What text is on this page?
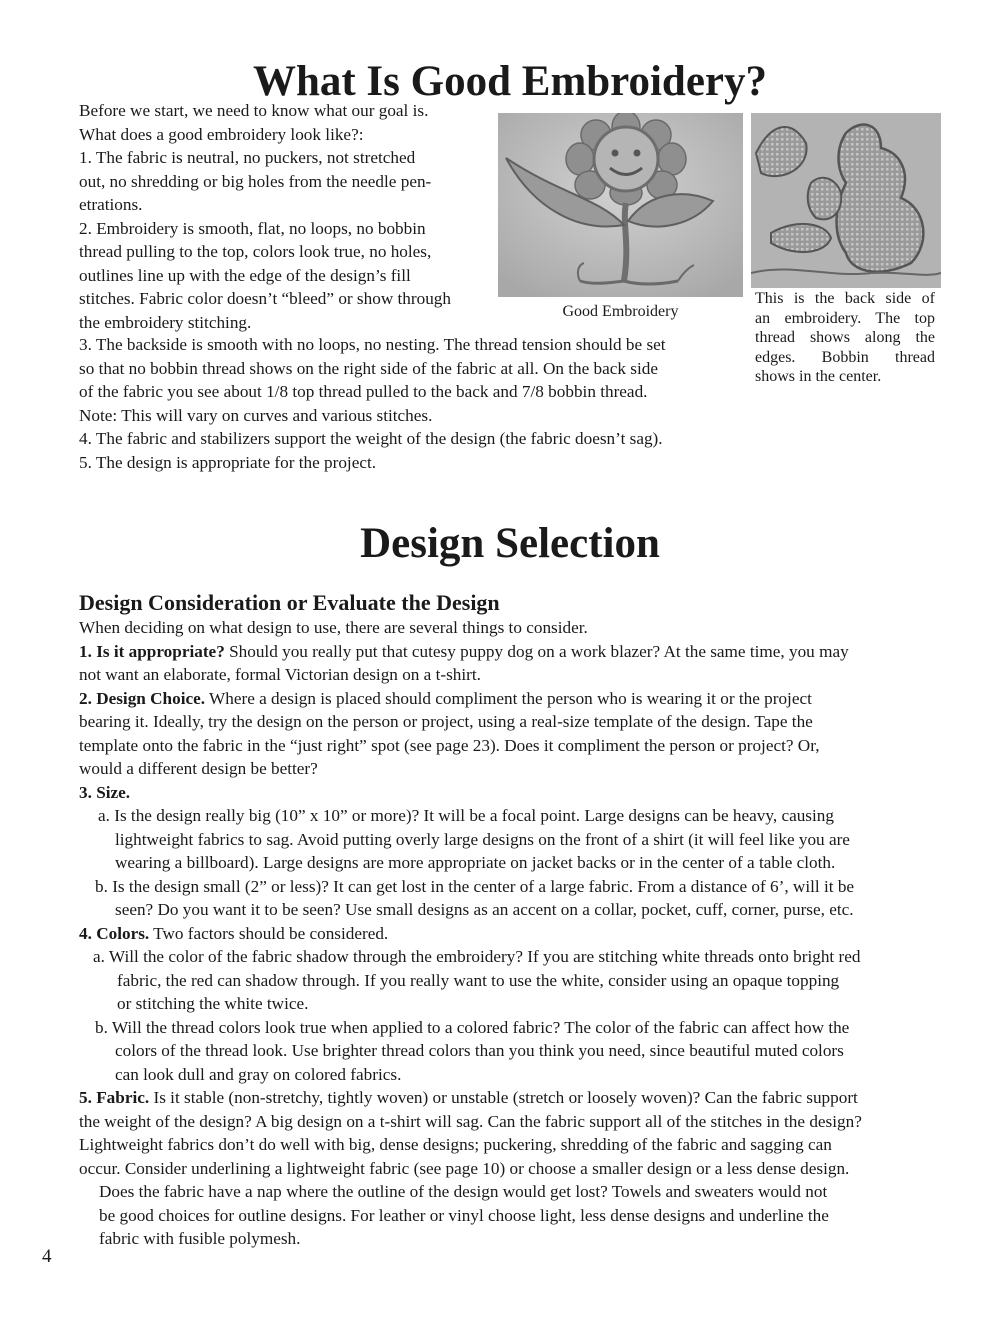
What Is Good Embroidery?
Before we start, we need to know what our goal is.
What does a good embroidery look like?:
1. The fabric is neutral, no puckers, not stretched
out, no shredding or big holes from the needle pen-
etrations.
2. Embroidery is smooth, flat, no loops, no bobbin
thread pulling to the top, colors look true, no holes,
outlines line up with the edge of the design’s fill
stitches. Fabric color doesn’t “bleed” or show through
the embroidery stitching.
Good Embroidery
This is the back side of
an embroidery. The top
thread shows along the
edges. Bobbin thread
shows in the center.
3. The backside is smooth with no loops, no nesting. The thread tension should be set
so that no bobbin thread shows on the right side of the fabric at all. On the back side
of the fabric you see about 1/8 top thread pulled to the back and 7/8 bobbin thread.
Note: This will vary on curves and various stitches.
4. The fabric and stabilizers support the weight of the design (the fabric doesn’t sag).
5. The design is appropriate for the project.
Design Selection
Design Consideration or Evaluate the Design
When deciding on what design to use, there are several things to consider.
1. Is it appropriate? Should you really put that cutesy puppy dog on a work blazer? At the same time, you may
not want an elaborate, formal Victorian design on a t-shirt.
2. Design Choice. Where a design is placed should compliment the person who is wearing it or the project
bearing it. Ideally, try the design on the person or project, using a real-size template of the design. Tape the
template onto the fabric in the “just right” spot (see page 23). Does it compliment the person or project? Or,
would a different design be better?
3. Size.
a. Is the design really big (10” x 10” or more)? It will be a focal point. Large designs can be heavy, causing
lightweight fabrics to sag. Avoid putting overly large designs on the front of a shirt (it will feel like you are
wearing a billboard). Large designs are more appropriate on jacket backs or in the center of a table cloth.
b. Is the design small (2” or less)? It can get lost in the center of a large fabric. From a distance of 6’, will it be
seen? Do you want it to be seen? Use small designs as an accent on a collar, pocket, cuff, corner, purse, etc.
4. Colors. Two factors should be considered.
a. Will the color of the fabric shadow through the embroidery? If you are stitching white threads onto bright red
fabric, the red can shadow through. If you really want to use the white, consider using an opaque topping
or stitching the white twice.
b. Will the thread colors look true when applied to a colored fabric? The color of the fabric can affect how the
colors of the thread look. Use brighter thread colors than you think you need, since beautiful muted colors
can look dull and gray on colored fabrics.
5. Fabric. Is it stable (non-stretchy, tightly woven) or unstable (stretch or loosely woven)? Can the fabric support
the weight of the design? A big design on a t-shirt will sag. Can the fabric support all of the stitches in the design?
Lightweight fabrics don’t do well with big, dense designs; puckering, shredding of the fabric and sagging can
occur. Consider underlining a lightweight fabric (see page 10) or choose a smaller design or a less dense design.
Does the fabric have a nap where the outline of the design would get lost? Towels and sweaters would not
be good choices for outline designs. For leather or vinyl choose light, less dense designs and underline the
fabric with fusible polymesh.
4
